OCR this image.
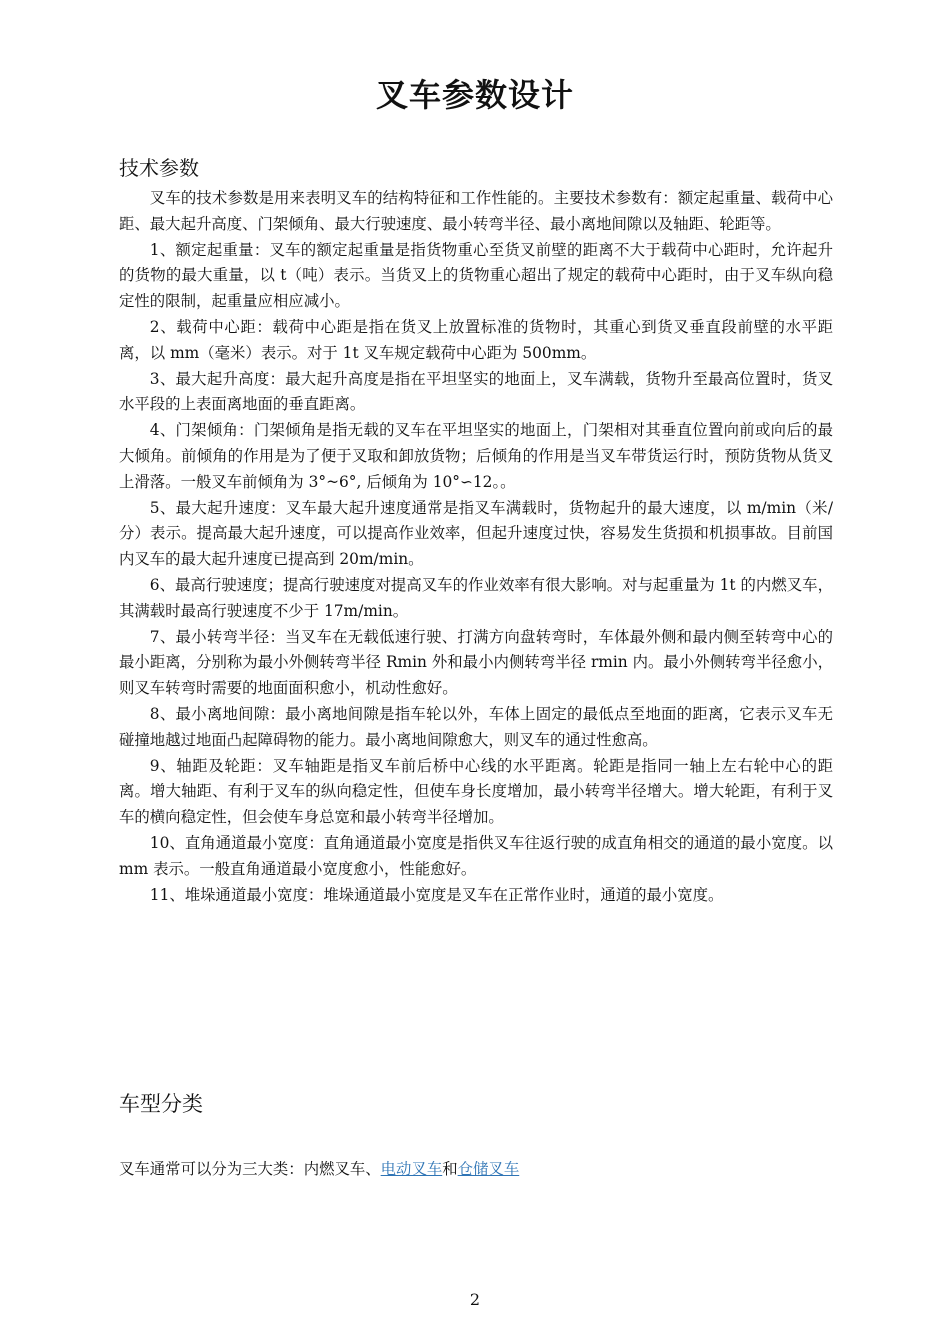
叉车参数设计
技术参数

叉车的技术参数是用来表明叉车的结构特征和工作性能的。主要技术参数有：额定起重量、载荷中心距、最大起升高度、门架倾角、最大行驶速度、最小转弯半径、最小离地间隙以及轴距、轮距等。

1、额定起重量：叉车的额定起重量是指货物重心至货叉前壁的距离不大于载荷中心距时，允许起升的货物的最大重量，以 t（吨）表示。当货叉上的货物重心超出了规定的载荷中心距时，由于叉车纵向稳定性的限制，起重量应相应减小。

2、载荷中心距：载荷中心距是指在货叉上放置标准的货物时，其重心到货叉垂直段前壁的水平距离，以 mm（毫米）表示。对于 1t 叉车规定载荷中心距为 500mm。

3、最大起升高度：最大起升高度是指在平坦坚实的地面上，叉车满载，货物升至最高位置时，货叉水平段的上表面离地面的垂直距离。

4、门架倾角：门架倾角是指无载的叉车在平坦坚实的地面上，门架相对其垂直位置向前或向后的最大倾角。前倾角的作用是为了便于叉取和卸放货物；后倾角的作用是当叉车带货运行时，预防货物从货叉上滑落。一般叉车前倾角为 3°~6°, 后倾角为 10°∽12。。

5、最大起升速度：叉车最大起升速度通常是指叉车满载时，货物起升的最大速度，以 m/min（米/分）表示。提高最大起升速度，可以提高作业效率，但起升速度过快，容易发生货损和机损事故。目前国内叉车的最大起升速度已提高到 20m/min。

6、最高行驶速度；提高行驶速度对提高叉车的作业效率有很大影响。对与起重量为 1t 的内燃叉车，其满载时最高行驶速度不少于 17m/min。

7、最小转弯半径：当叉车在无载低速行驶、打满方向盘转弯时，车体最外侧和最内侧至转弯中心的最小距离，分别称为最小外侧转弯半径 Rmin 外和最小内侧转弯半径 rmin 内。最小外侧转弯半径愈小，则叉车转弯时需要的地面面积愈小，机动性愈好。

8、最小离地间隙：最小离地间隙是指车轮以外，车体上固定的最低点至地面的距离，它表示叉车无碰撞地越过地面凸起障碍物的能力。最小离地间隙愈大，则叉车的通过性愈高。

9、轴距及轮距：叉车轴距是指叉车前后桥中心线的水平距离。轮距是指同一轴上左右轮中心的距离。增大轴距、有利于叉车的纵向稳定性，但使车身长度增加，最小转弯半径增大。增大轮距，有利于叉车的横向稳定性，但会使车身总宽和最小转弯半径增加。

10、直角通道最小宽度：直角通道最小宽度是指供叉车往返行驶的成直角相交的通道的最小宽度。以 mm 表示。一般直角通道最小宽度愈小，性能愈好。

11、堆垛通道最小宽度：堆垛通道最小宽度是叉车在正常作业时，通道的最小宽度。

车型分类

叉车通常可以分为三大类：内燃叉车、电动叉车和仓储叉车

2
